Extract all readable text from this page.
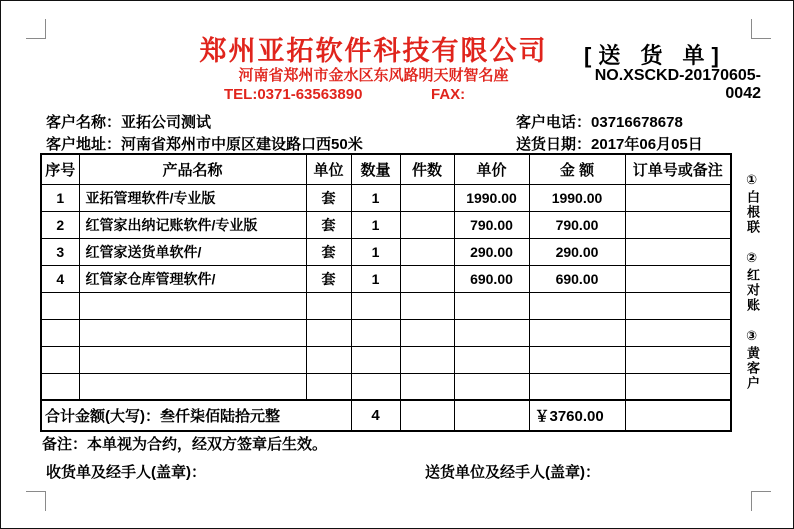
郑州亚拓软件科技有限公司
河南省郑州市金水区东风路明天财智名座
TEL:0371-63563890	FAX:
[送 货 单]
NO.XSCKD-20170605-0042
客户名称：亚拓公司测试	客户电话：03716678678
客户地址：河南省郑州市中原区建设路口西50米	送货日期：2017年06月05日
序号	产品名称	单位	数量	件数	单价	金 额	订单号或备注
1	亚拓管理软件/专业版	套	1		1990.00	1990.00	
2	红管家出纳记账软件/专业版	套	1		790.00	790.00	
3	红管家送货单软件/	套	1		290.00	290.00	
4	红管家仓库管理软件/	套	1		690.00	690.00	

合计金额(大写)：叁仟柒佰陆拾元整			4			￥3760.00	
①白根联
②红对账
③黄客户
备注：本单视为合约，经双方签章后生效。
收货单及经手人(盖章)：	送货单位及经手人(盖章)：
